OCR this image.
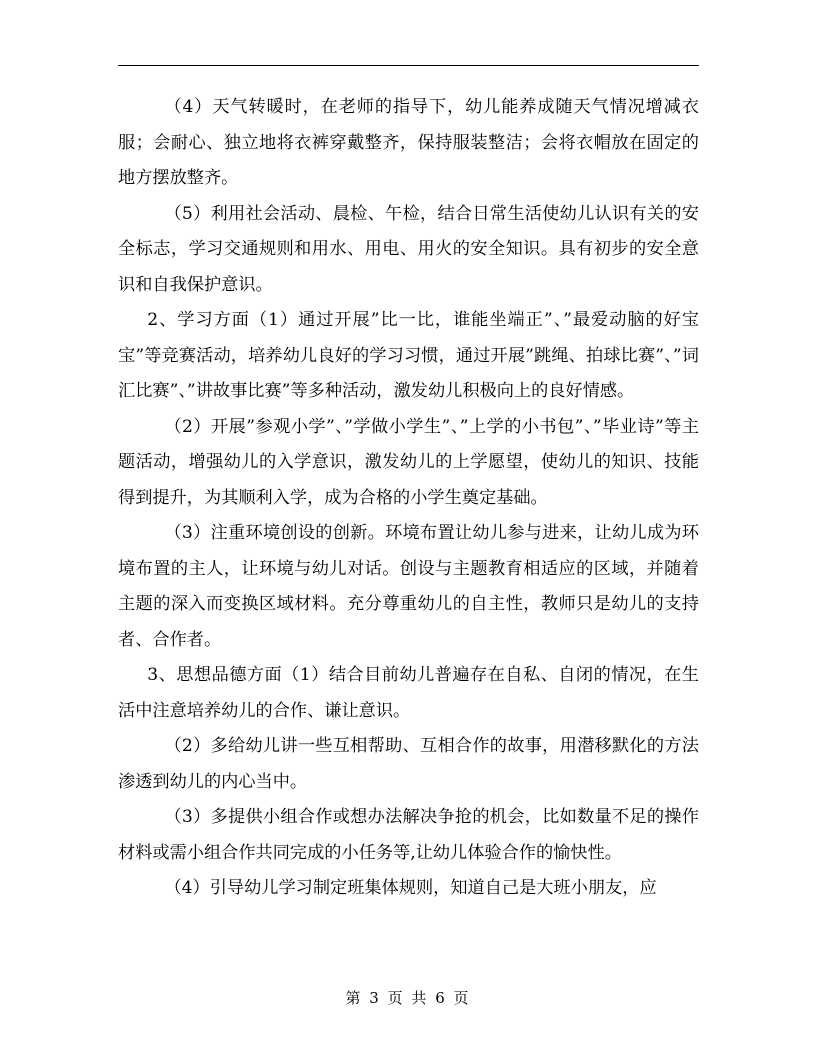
（4）天气转暖时，在老师的指导下，幼儿能养成随天气情况增减衣服；会耐心、独立地将衣裤穿戴整齐，保持服装整洁；会将衣帽放在固定的地方摆放整齐。

（5）利用社会活动、晨检、午检，结合日常生活使幼儿认识有关的安全标志，学习交通规则和用水、用电、用火的安全知识。具有初步的安全意识和自我保护意识。

2、学习方面（1）通过开展”比一比，谁能坐端正”、”最爱动脑的好宝宝”等竞赛活动，培养幼儿良好的学习习惯，通过开展”跳绳、拍球比赛”、”词汇比赛”、”讲故事比赛”等多种活动，激发幼儿积极向上的良好情感。

（2）开展”参观小学”、”学做小学生”、”上学的小书包”、”毕业诗”等主题活动，增强幼儿的入学意识，激发幼儿的上学愿望，使幼儿的知识、技能得到提升，为其顺利入学，成为合格的小学生奠定基础。

（3）注重环境创设的创新。环境布置让幼儿参与进来，让幼儿成为环境布置的主人，让环境与幼儿对话。创设与主题教育相适应的区域，并随着主题的深入而变换区域材料。充分尊重幼儿的自主性，教师只是幼儿的支持者、合作者。

3、思想品德方面（1）结合目前幼儿普遍存在自私、自闭的情况，在生活中注意培养幼儿的合作、谦让意识。

（2）多给幼儿讲一些互相帮助、互相合作的故事，用潜移默化的方法渗透到幼儿的内心当中。

（3）多提供小组合作或想办法解决争抢的机会，比如数量不足的操作材料或需小组合作共同完成的小任务等,让幼儿体验合作的愉快性。

（4）引导幼儿学习制定班集体规则，知道自己是大班小朋友，应

第 3 页 共 6 页
